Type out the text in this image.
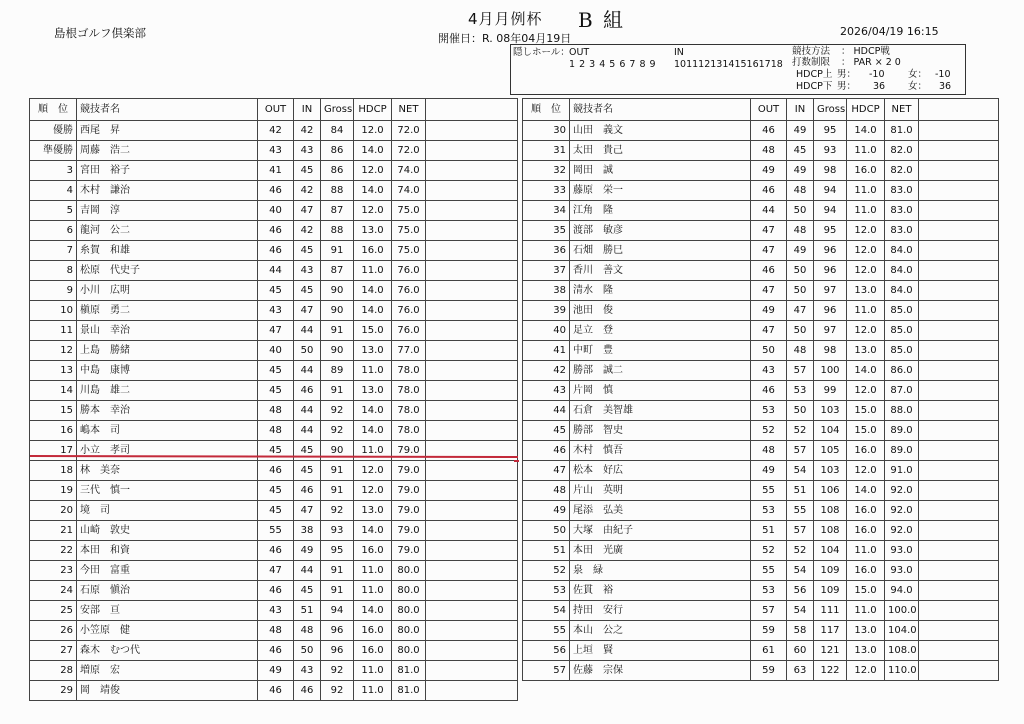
島根ゴルフ倶楽部
4月月例杯 B 組
開催日：R. 08年04月19日
2026/04/19 16:15
隠しホール： OUT
1 2 3 4 5 6 7 8 9
IN
101112131415161718
競技方法 ： HDCP戦
打数制限 ： PAR × 2 0
HDCP上 男： -10 女： -10
HDCP下 男： 36 女： 36
順　位	競技者名	OUT	IN	Gross	HDCP	NET	
優勝	西尾　昇	42	42	84	12.0	72.0	
準優勝	周藤　浩二	43	43	86	14.0	72.0	
3	宮田　裕子	41	45	86	12.0	74.0	
4	木村　謙治	46	42	88	14.0	74.0	
5	吉岡　淳	40	47	87	12.0	75.0	
6	龍河　公二	46	42	88	13.0	75.0	
7	糸賀　和雄	46	45	91	16.0	75.0	
8	松原　代史子	44	43	87	11.0	76.0	
9	小川　広明	45	45	90	14.0	76.0	
10	槇原　勇二	43	47	90	14.0	76.0	
11	景山　幸治	47	44	91	15.0	76.0	
12	上島　勝緒	40	50	90	13.0	77.0	
13	中島　康博	45	44	89	11.0	78.0	
14	川島　雄二	45	46	91	13.0	78.0	
15	勝本　幸治	48	44	92	14.0	78.0	
16	嶋本　司	48	44	92	14.0	78.0	
17	小立　孝司	45	45	90	11.0	79.0	
18	林　美奈	46	45	91	12.0	79.0	
19	三代　慎一	45	46	91	12.0	79.0	
20	境　司	45	47	92	13.0	79.0	
21	山崎　敦史	55	38	93	14.0	79.0	
22	本田　和資	46	49	95	16.0	79.0	
23	今田　富重	47	44	91	11.0	80.0	
24	石原　愼治	46	45	91	11.0	80.0	
25	安部　亘	43	51	94	14.0	80.0	
26	小笠原　健	48	48	96	16.0	80.0	
27	森木　むつ代	46	50	96	16.0	80.0	
28	増原　宏	49	43	92	11.0	81.0	
29	岡　靖俊	46	46	92	11.0	81.0	
順　位	競技者名	OUT	IN	Gross	HDCP	NET	
30	山田　義文	46	49	95	14.0	81.0	
31	太田　貴己	48	45	93	11.0	82.0	
32	岡田　誠	49	49	98	16.0	82.0	
33	藤原　栄一	46	48	94	11.0	83.0	
34	江角　隆	44	50	94	11.0	83.0	
35	渡部　敏彦	47	48	95	12.0	83.0	
36	石畑　勝巳	47	49	96	12.0	84.0	
37	香川　善文	46	50	96	12.0	84.0	
38	清水　隆	47	50	97	13.0	84.0	
39	池田　俊	49	47	96	11.0	85.0	
40	足立　登	47	50	97	12.0	85.0	
41	中町　豊	50	48	98	13.0	85.0	
42	勝部　誠二	43	57	100	14.0	86.0	
43	片岡　慎	46	53	99	12.0	87.0	
44	石倉　美智雄	53	50	103	15.0	88.0	
45	勝部　智史	52	52	104	15.0	89.0	
46	木村　慎吾	48	57	105	16.0	89.0	
47	松本　好広	49	54	103	12.0	91.0	
48	片山　英明	55	51	106	14.0	92.0	
49	尾添　弘美	53	55	108	16.0	92.0	
50	大塚　由紀子	51	57	108	16.0	92.0	
51	本田　光廣	52	52	104	11.0	93.0	
52	泉　緑	55	54	109	16.0	93.0	
53	佐貫　裕	53	56	109	15.0	94.0	
54	持田　安行	57	54	111	11.0	100.0	
55	本山　公之	59	58	117	13.0	104.0	
56	上垣　賢	61	60	121	13.0	108.0	
57	佐藤　宗保	59	63	122	12.0	110.0	
